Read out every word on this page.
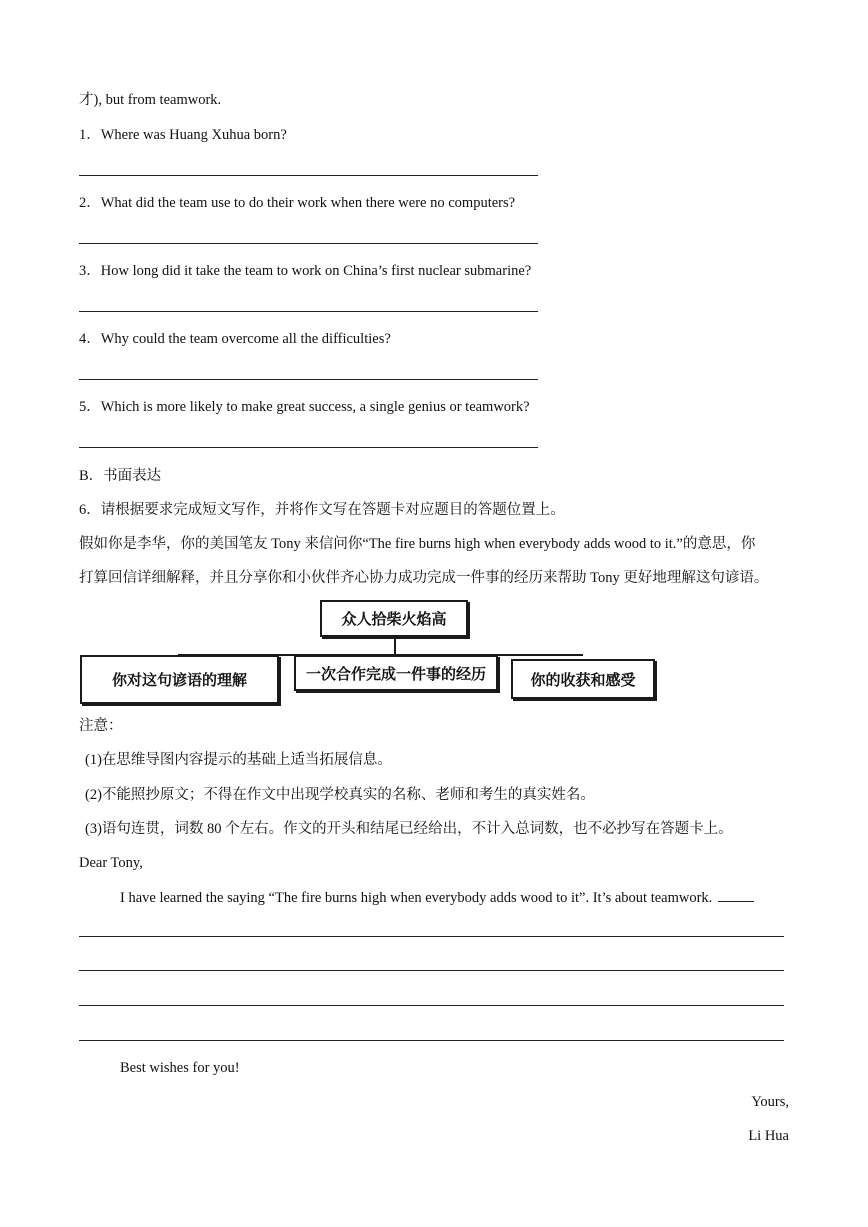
才), but from teamwork.
1．Where was Huang Xuhua born?
2．What did the team use to do their work when there were no computers?
3．How long did it take the team to work on China’s first nuclear submarine?
4．Why could the team overcome all the difficulties?
5．Which is more likely to make great success, a single genius or teamwork?
B．书面表达
6．请根据要求完成短文写作，并将作文写在答题卡对应题目的答题位置上。
假如你是李华，你的美国笔友 Tony 来信问你“The fire burns high when everybody adds wood to it.”的意思，你
打算回信详细解释，并且分享你和小伙伴齐心协力成功完成一件事的经历来帮助 Tony 更好地理解这句谚语。
众人拾柴火焰高
你对这句谚语的理解	一次合作完成一件事的经历	你的收获和感受
注意：
(1)在思维导图内容提示的基础上适当拓展信息。
(2)不能照抄原文；不得在作文中出现学校真实的名称、老师和考生的真实姓名。
(3)语句连贯，词数 80 个左右。作文的开头和结尾已经给出，不计入总词数，也不必抄写在答题卡上。
Dear Tony,
I have learned the saying “The fire burns high when everybody adds wood to it”. It’s about teamwork.
Best wishes for you!
Yours,
Li Hua
